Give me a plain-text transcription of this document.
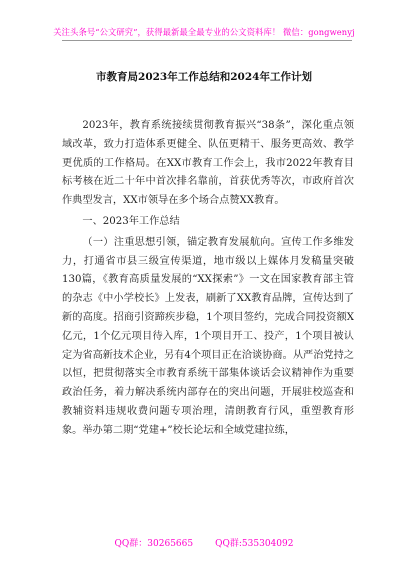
关注头条号“公文研究”，获得最新最全最专业的公文资料库！ 微信：gongwenyj
市教育局2023年工作总结和2024年工作计划

2023年，教育系统接续贯彻教育振兴“38条”，深化重点领域改革，致力打造体系更健全、队伍更精干、服务更高效、教学更优质的工作格局。在XX市教育工作会上，我市2022年教育目标考核在近二十年中首次排名靠前，首获优秀等次，市政府首次作典型发言，XX市领导在多个场合点赞XX教育。

一、2023年工作总结

（一）注重思想引领，锚定教育发展航向。宣传工作多维发力，打通省市县三级宣传渠道，地市级以上媒体月发稿量突破130篇，《教育高质量发展的“XX探索”》一文在国家教育部主管的杂志《中小学校长》上发表，刷新了XX教育品牌，宣传达到了新的高度。招商引资蹄疾步稳，1个项目签约，完成合同投资额X亿元，1个亿元项目待入库，1个项目开工、投产，1个项目被认定为省高新技术企业，另有4个项目正在洽谈协商。从严治党持之以恒，把贯彻落实全市教育系统干部集体谈话会议精神作为重要政治任务，着力解决系统内部存在的突出问题，开展驻校巡查和教辅资料违规收费问题专项治理，清朗教育行风，重塑教育形象。举办第二期“党建+”校长论坛和全域党建拉练，

QQ群：30265665 QQ群:535304092
